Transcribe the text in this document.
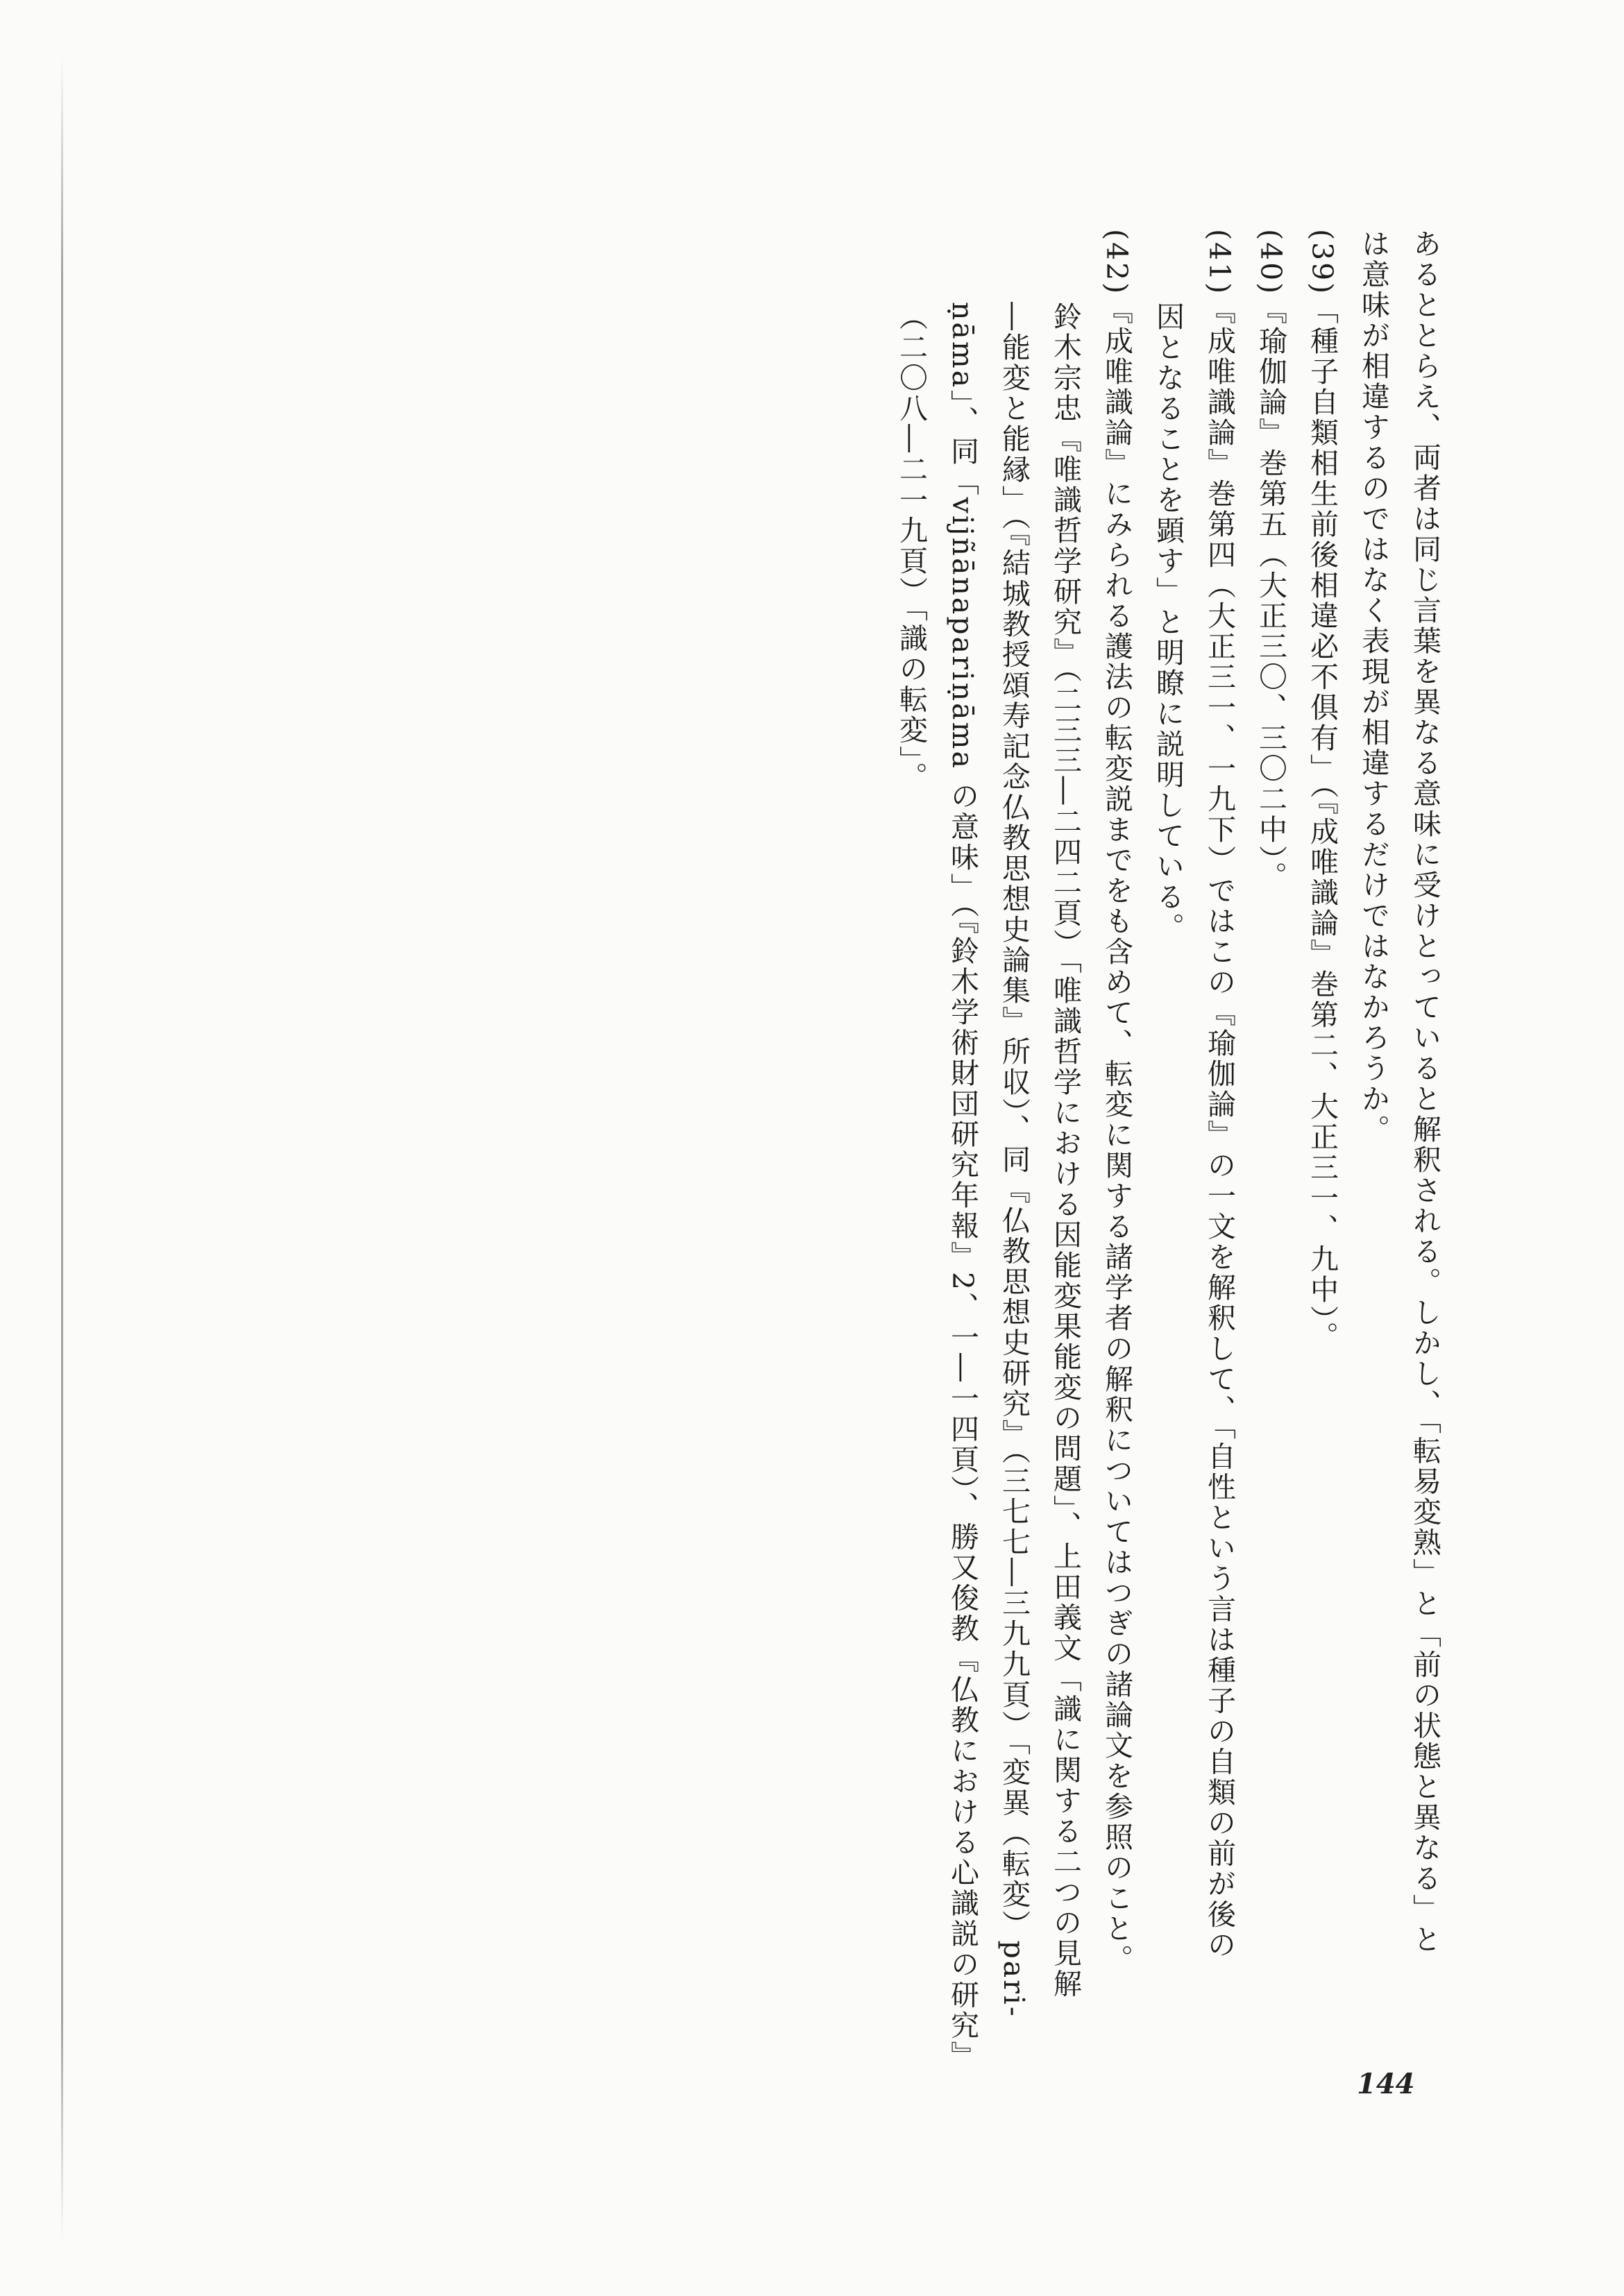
あるととらえ、両者は同じ言葉を異なる意味に受けとっていると解釈される。しかし、「転易変熟」と「前の状態と異なる」と

は意味が相違するのではなく表現が相違するだけではなかろうか。

(39)「種子自類相生前後相違必不俱有」（『成唯識論』巻第二、大正三一、九中）。

(40)『瑜伽論』巻第五（大正三〇、三〇二中）。

(41)『成唯識論』巻第四（大正三一、一九下）ではこの『瑜伽論』の一文を解釈して、「自性という言は種子の自類の前が後の

因となることを顕す」と明瞭に説明している。

(42)『成唯識論』にみられる護法の転変説までをも含めて、転変に関する諸学者の解釈についてはつぎの諸論文を参照のこと。

鈴木宗忠『唯識哲学研究』（二三三―二四二頁）「唯識哲学における因能変果能変の問題」、上田義文「識に関する二つの見解

―能変と能縁」（『結城教授頌寿記念仏教思想史論集』所収）、同『仏教思想史研究』（三七七―三九九頁）「変異（転変）pari-

ṇāma」、同「vijñānapariṇāma の意味」（『鈴木学術財団研究年報』2、一―一四頁）、勝又俊教『仏教における心識説の研究』

（二〇八―二一九頁）「識の転変」。

144
